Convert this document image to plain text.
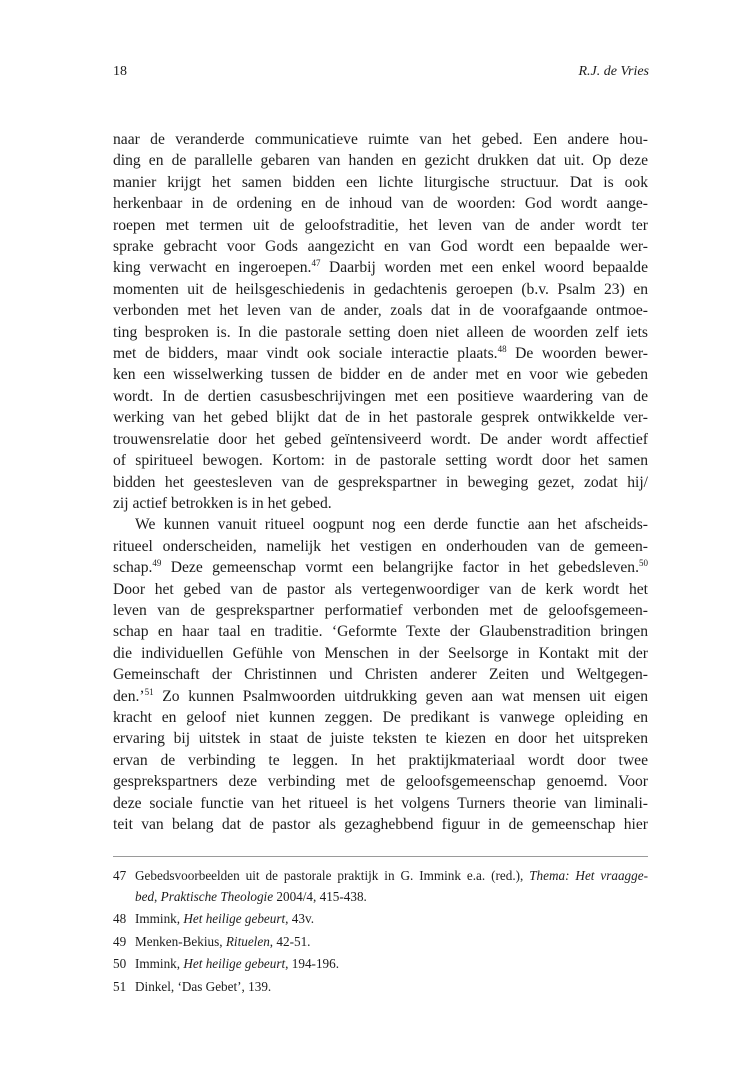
18	R.J. de Vries

naar de veranderde communicatieve ruimte van het gebed. Een andere hou-
ding en de parallelle gebaren van handen en gezicht drukken dat uit. Op deze
manier krijgt het samen bidden een lichte liturgische structuur. Dat is ook
herkenbaar in de ordening en de inhoud van de woorden: God wordt aange-
roepen met termen uit de geloofstraditie, het leven van de ander wordt ter
sprake gebracht voor Gods aangezicht en van God wordt een bepaalde wer-
king verwacht en ingeroepen.$^{47}$ Daarbij worden met een enkel woord bepaalde
momenten uit de heilsgeschiedenis in gedachtenis geroepen (b.v. Psalm 23) en
verbonden met het leven van de ander, zoals dat in de voorafgaande ontmoe-
ting besproken is. In die pastorale setting doen niet alleen de woorden zelf iets
met de bidders, maar vindt ook sociale interactie plaats.$^{48}$ De woorden bewer-
ken een wisselwerking tussen de bidder en de ander met en voor wie gebeden
wordt. In de dertien casusbeschrijvingen met een positieve waardering van de
werking van het gebed blijkt dat de in het pastorale gesprek ontwikkelde ver-
trouwensrelatie door het gebed geïntensiveerd wordt. De ander wordt affectief
of spiritueel bewogen. Kortom: in de pastorale setting wordt door het samen
bidden het geestesleven van de gesprekspartner in beweging gezet, zodat hij/
zij actief betrokken is in het gebed.

We kunnen vanuit ritueel oogpunt nog een derde functie aan het afscheids-
ritueel onderscheiden, namelijk het vestigen en onderhouden van de gemeen-
schap.$^{49}$ Deze gemeenschap vormt een belangrijke factor in het gebedsleven.$^{50}$
Door het gebed van de pastor als vertegenwoordiger van de kerk wordt het
leven van de gesprekspartner performatief verbonden met de geloofsgemeen-
schap en haar taal en traditie. ‘Geformte Texte der Glaubenstradition bringen
die individuellen Gefühle von Menschen in der Seelsorge in Kontakt mit der
Gemeinschaft der Christinnen und Christen anderer Zeiten und Weltgegen-
den.’$^{51}$ Zo kunnen Psalmwoorden uitdrukking geven aan wat mensen uit eigen
kracht en geloof niet kunnen zeggen. De predikant is vanwege opleiding en
ervaring bij uitstek in staat de juiste teksten te kiezen en door het uitspreken
ervan de verbinding te leggen. In het praktijkmateriaal wordt door twee
gesprekspartners deze verbinding met de geloofsgemeenschap genoemd. Voor
deze sociale functie van het ritueel is het volgens Turners theorie van liminali-
teit van belang dat de pastor als gezaghebbend figuur in de gemeenschap hier

47 Gebedsvoorbeelden uit de pastorale praktijk in G. Immink e.a. (red.), Thema: Het vraagge-
bed, Praktische Theologie 2004/4, 415-438.
48 Immink, Het heilige gebeurt, 43v.
49 Menken-Bekius, Rituelen, 42-51.
50 Immink, Het heilige gebeurt, 194-196.
51 Dinkel, ‘Das Gebet’, 139.
